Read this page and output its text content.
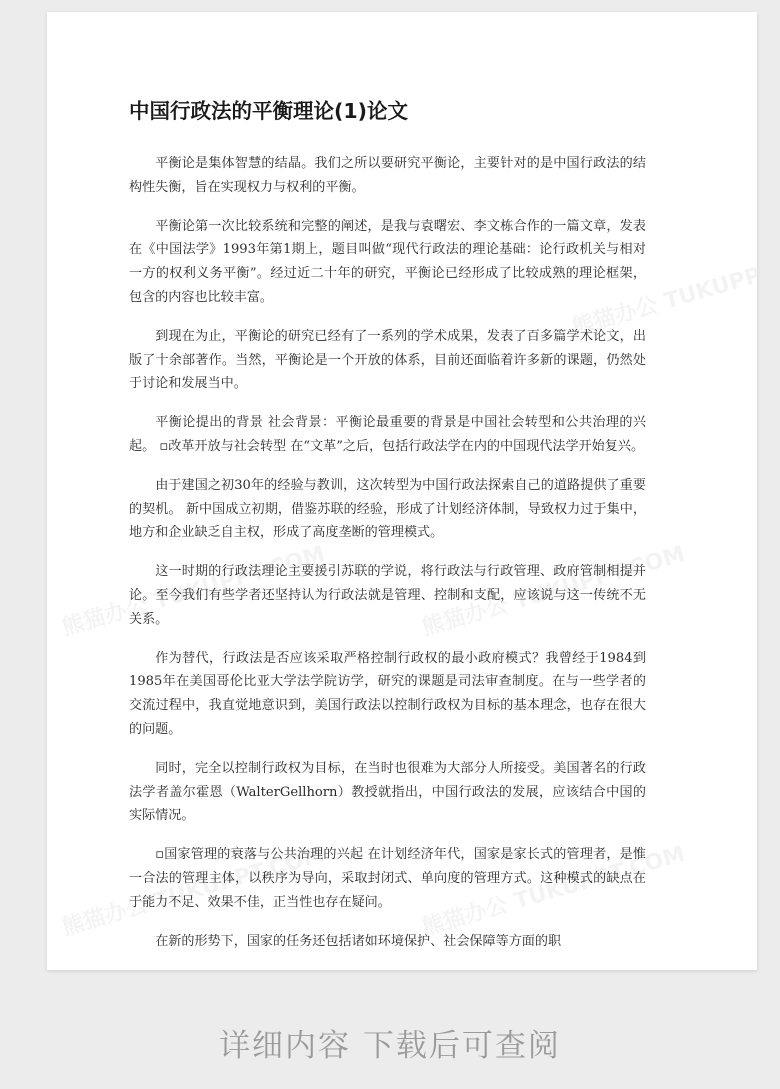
中国行政法的平衡理论(1)论文

平衡论是集体智慧的结晶。我们之所以要研究平衡论，主要针对的是中国行政法的结构性失衡，旨在实现权力与权利的平衡。

平衡论第一次比较系统和完整的阐述，是我与袁曙宏、李文栋合作的一篇文章，发表在《中国法学》1993年第1期上，题目叫做“现代行政法的理论基础：论行政机关与相对一方的权利义务平衡”。经过近二十年的研究，平衡论已经形成了比较成熟的理论框架，包含的内容也比较丰富。

到现在为止，平衡论的研究已经有了一系列的学术成果，发表了百多篇学术论文，出版了十余部著作。当然，平衡论是一个开放的体系，目前还面临着许多新的课题，仍然处于讨论和发展当中。

平衡论提出的背景 社会背景：平衡论最重要的背景是中国社会转型和公共治理的兴起。 ▫改革开放与社会转型 在“文革”之后，包括行政法学在内的中国现代法学开始复兴。

由于建国之初30年的经验与教训，这次转型为中国行政法探索自己的道路提供了重要的契机。 新中国成立初期，借鉴苏联的经验，形成了计划经济体制，导致权力过于集中，地方和企业缺乏自主权，形成了高度垄断的管理模式。

这一时期的行政法理论主要援引苏联的学说，将行政法与行政管理、政府管制相提并论。至今我们有些学者还坚持认为行政法就是管理、控制和支配，应该说与这一传统不无关系。

作为替代，行政法是否应该采取严格控制行政权的最小政府模式？我曾经于1984到1985年在美国哥伦比亚大学法学院访学，研究的课题是司法审查制度。在与一些学者的交流过程中，我直觉地意识到，美国行政法以控制行政权为目标的基本理念，也存在很大的问题。

同时，完全以控制行政权为目标，在当时也很难为大部分人所接受。美国著名的行政法学者盖尔霍恩（WalterGellhorn）教授就指出，中国行政法的发展，应该结合中国的实际情况。

▫国家管理的衰落与公共治理的兴起 在计划经济年代，国家是家长式的管理者，是惟一合法的管理主体，以秩序为导向，采取封闭式、单向度的管理方式。这种模式的缺点在于能力不足、效果不佳，正当性也存在疑问。

在新的形势下，国家的任务还包括诸如环境保护、社会保障等方面的职

详细内容 下载后可查阅
